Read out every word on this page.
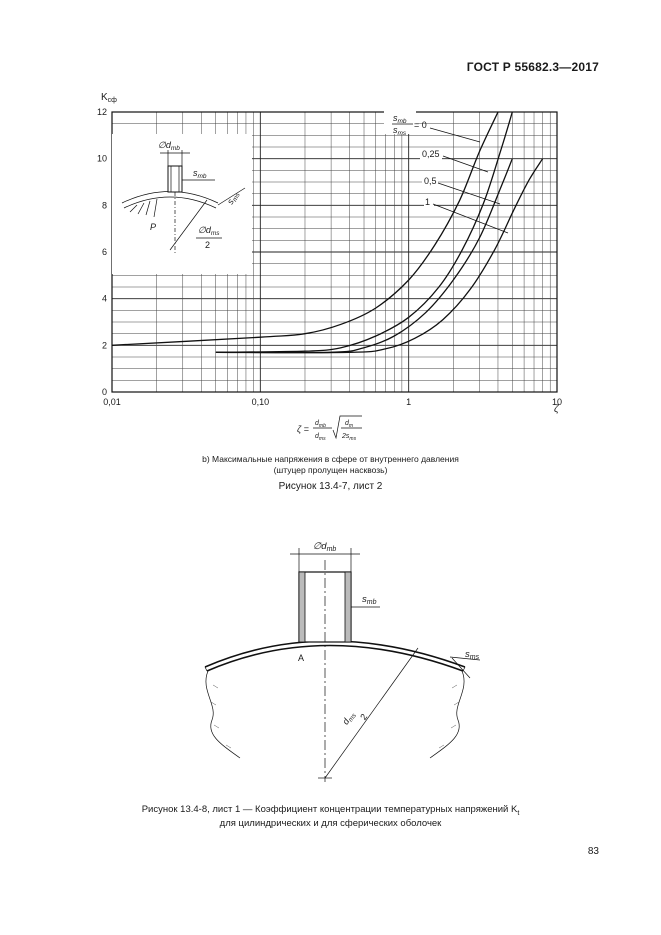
ГОСТ Р 55682.3—2017
0,01	0,10	1	10
0
2
4
6
8
10
12
$K_{сф}$
ζ
$s_{mb}$
$s_{ms}$
= 0
0,25
0,5
1
$\emptyset d_{mb}$
$s_{mb}$
$s_{ms}$
P	$\emptyset d_{ms}$
2
ζ =
$d_{mb}$
$d_{ms}$
$d_m$
$2s_{ms}$
b) Максимальные напряжения в сфере от внутреннего давления
(штуцер пролущен насквозь)
Рисунок 13.4-7, лист 2
$\emptyset d_{mb}$
$s_{mb}$
$s_{ms}$
A
$d_{ms}$ 2
Рисунок 13.4-8, лист 1 — Коэффициент концентрации температурных напряжений $K_t$
для цилиндрических и для сферических оболочек
83
